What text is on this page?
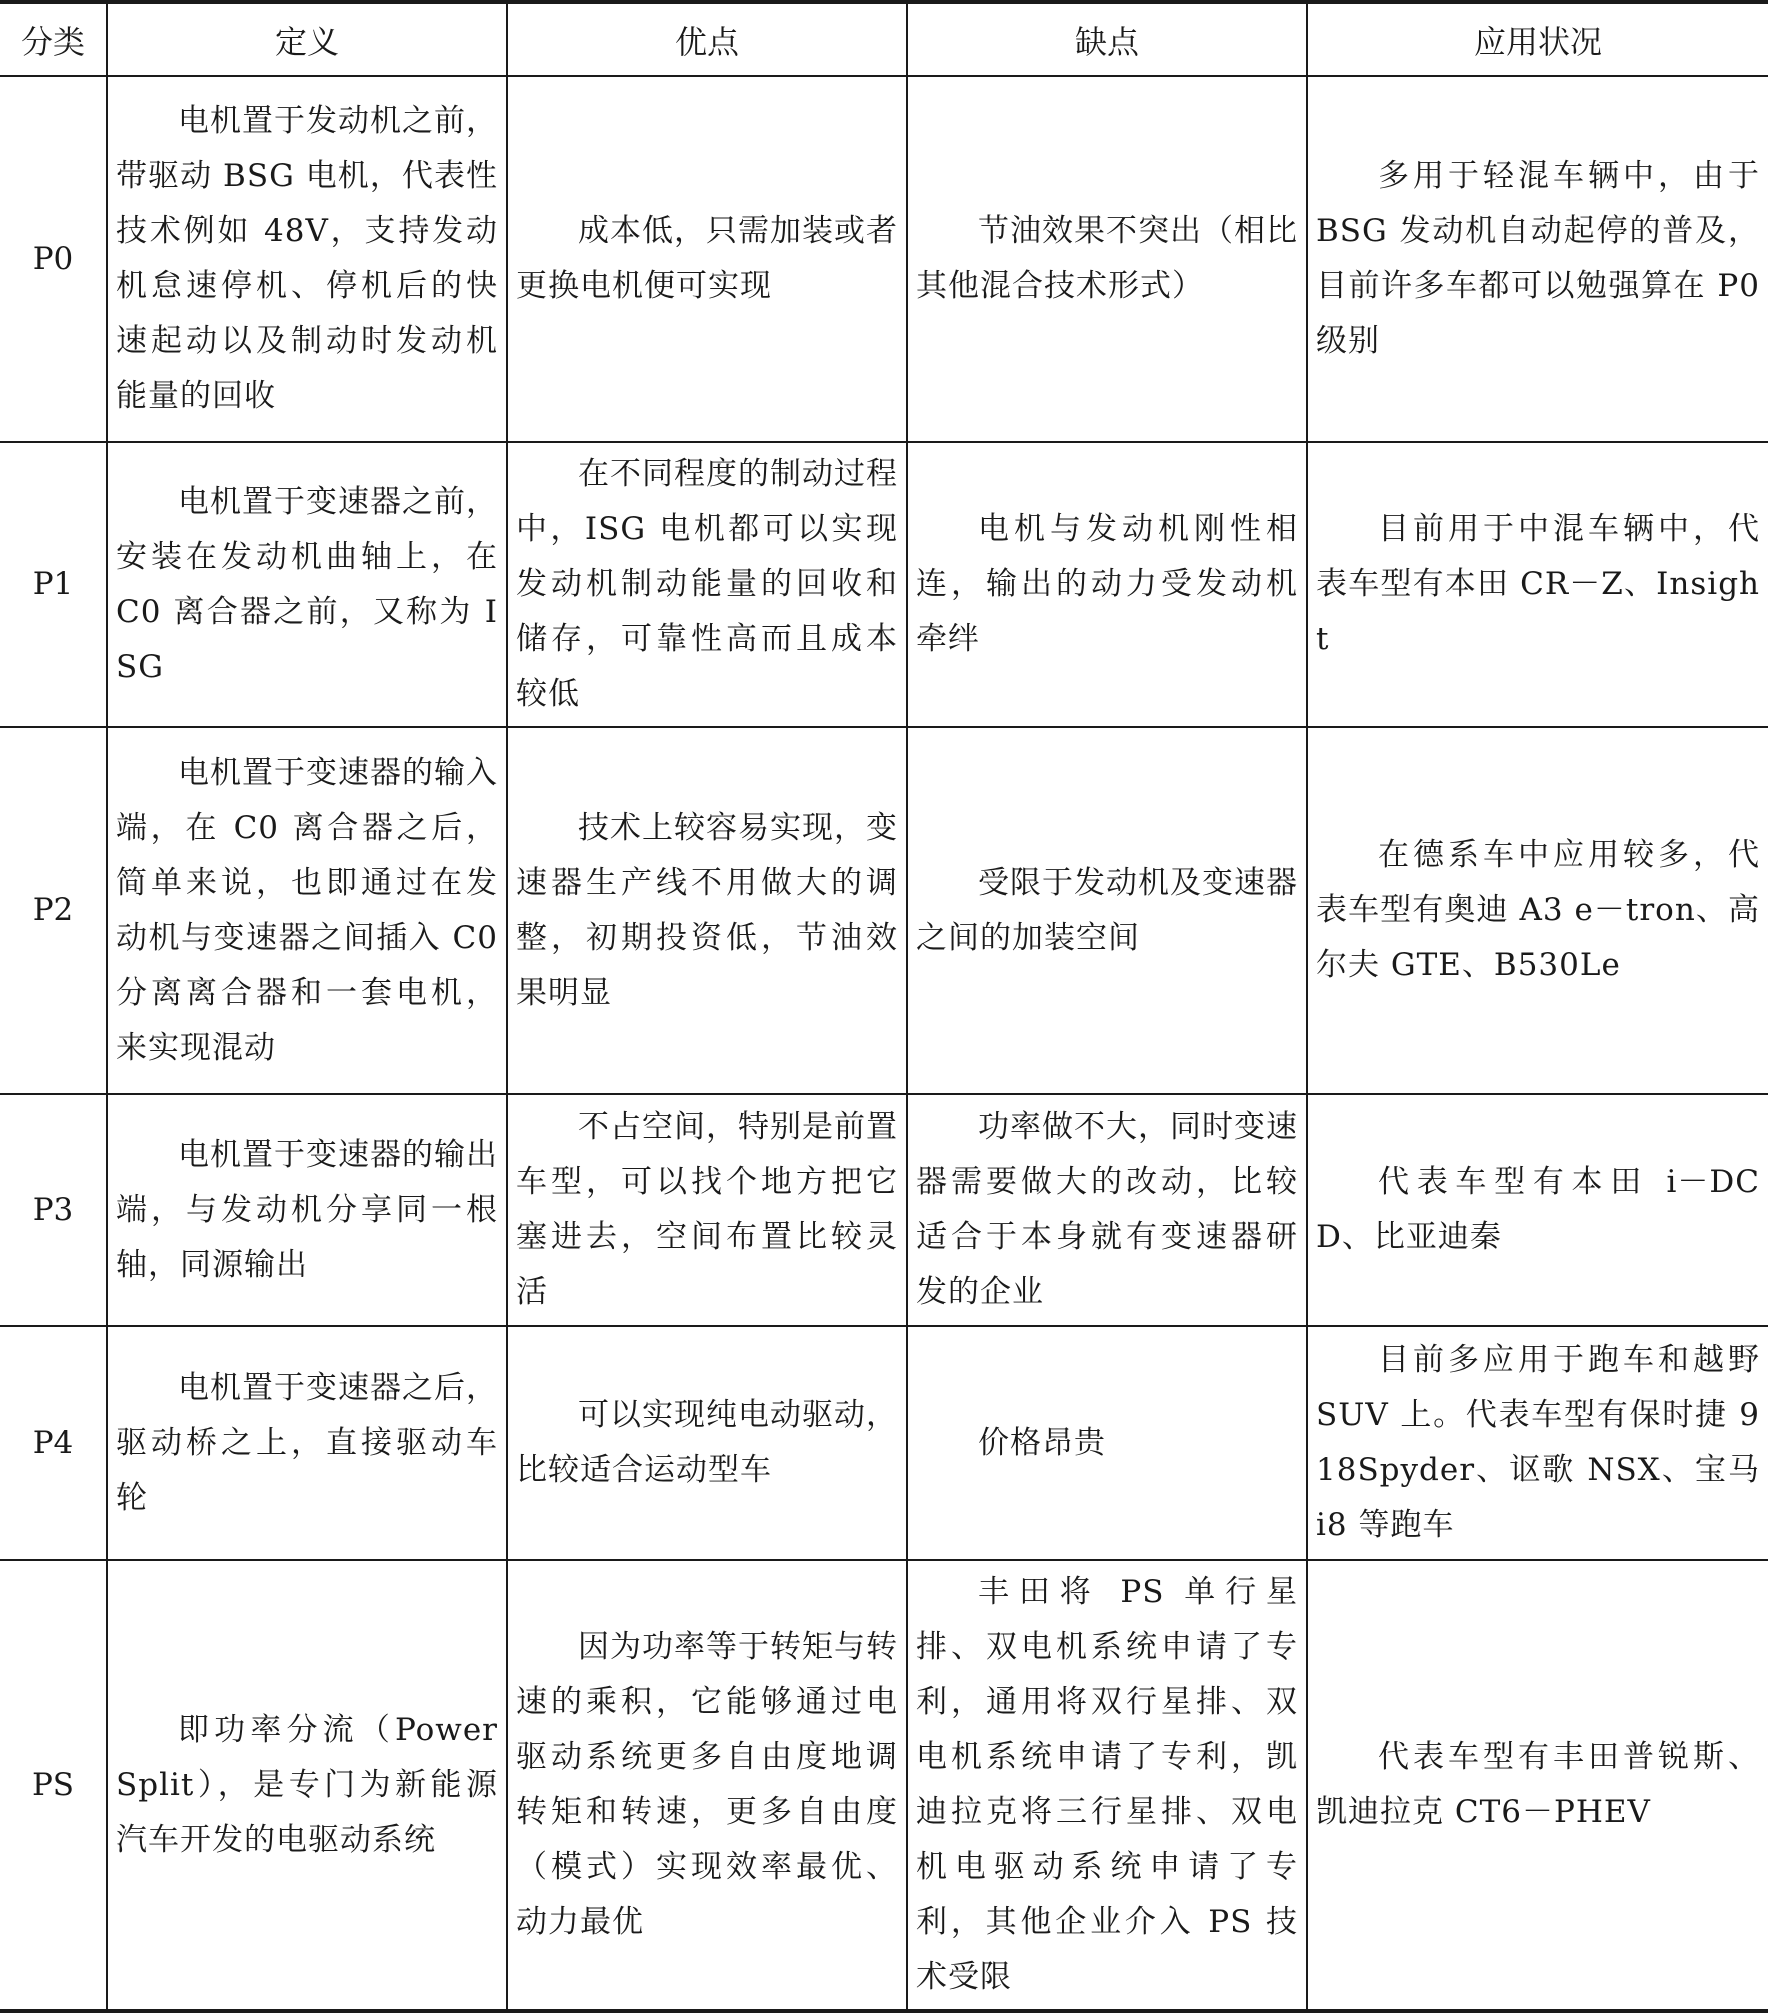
分类	定义	优点	缺点	应用状况
P0	电机置于发动机之前，带驱动 BSG 电机，代表性技术例如 48V，支持发动机怠速停机、停机后的快速起动以及制动时发动机能量的回收	成本低，只需加装或者更换电机便可实现	节油效果不突出（相比其他混合技术形式）	多用于轻混车辆中，由于 BSG 发动机自动起停的普及，目前许多车都可以勉强算在 P0 级别

P1	电机置于变速器之前，安装在发动机曲轴上，在 C0 离合器之前，又称为 ISG	在不同程度的制动过程中，ISG 电机都可以实现发动机制动能量的回收和储存，可靠性高而且成本较低	电机与发动机刚性相连，输出的动力受发动机牵绊	目前用于中混车辆中，代表车型有本田 CR－Z、Insight

P2	电机置于变速器的输入端，在 C0 离合器之后，简单来说，也即通过在发动机与变速器之间插入 C0 分离离合器和一套电机，来实现混动	技术上较容易实现，变速器生产线不用做大的调整，初期投资低，节油效果明显	受限于发动机及变速器之间的加装空间	在德系车中应用较多，代表车型有奥迪 A3 e－tron、高尔夫 GTE、B530Le

P3	电机置于变速器的输出端，与发动机分享同一根轴，同源输出	不占空间，特别是前置车型，可以找个地方把它塞进去，空间布置比较灵活	功率做不大，同时变速器需要做大的改动，比较适合于本身就有变速器研发的企业	代表车型有本田 i－DCD、比亚迪秦

P4	电机置于变速器之后，驱动桥之上，直接驱动车轮	可以实现纯电动驱动，比较适合运动型车	价格昂贵	目前多应用于跑车和越野 SUV 上。代表车型有保时捷 918Spyder、讴歌 NSX、宝马 i8 等跑车

PS	即功率分流（Power Split），是专门为新能源汽车开发的电驱动系统	因为功率等于转矩与转速的乘积，它能够通过电驱动系统更多自由度地调转矩和转速，更多自由度（模式）实现效率最优、动力最优	丰田将 PS 单行星排、双电机系统申请了专利，通用将双行星排、双电机系统申请了专利，凯迪拉克将三行星排、双电机电驱动系统申请了专利，其他企业介入 PS 技术受限	代表车型有丰田普锐斯、凯迪拉克 CT6－PHEV
